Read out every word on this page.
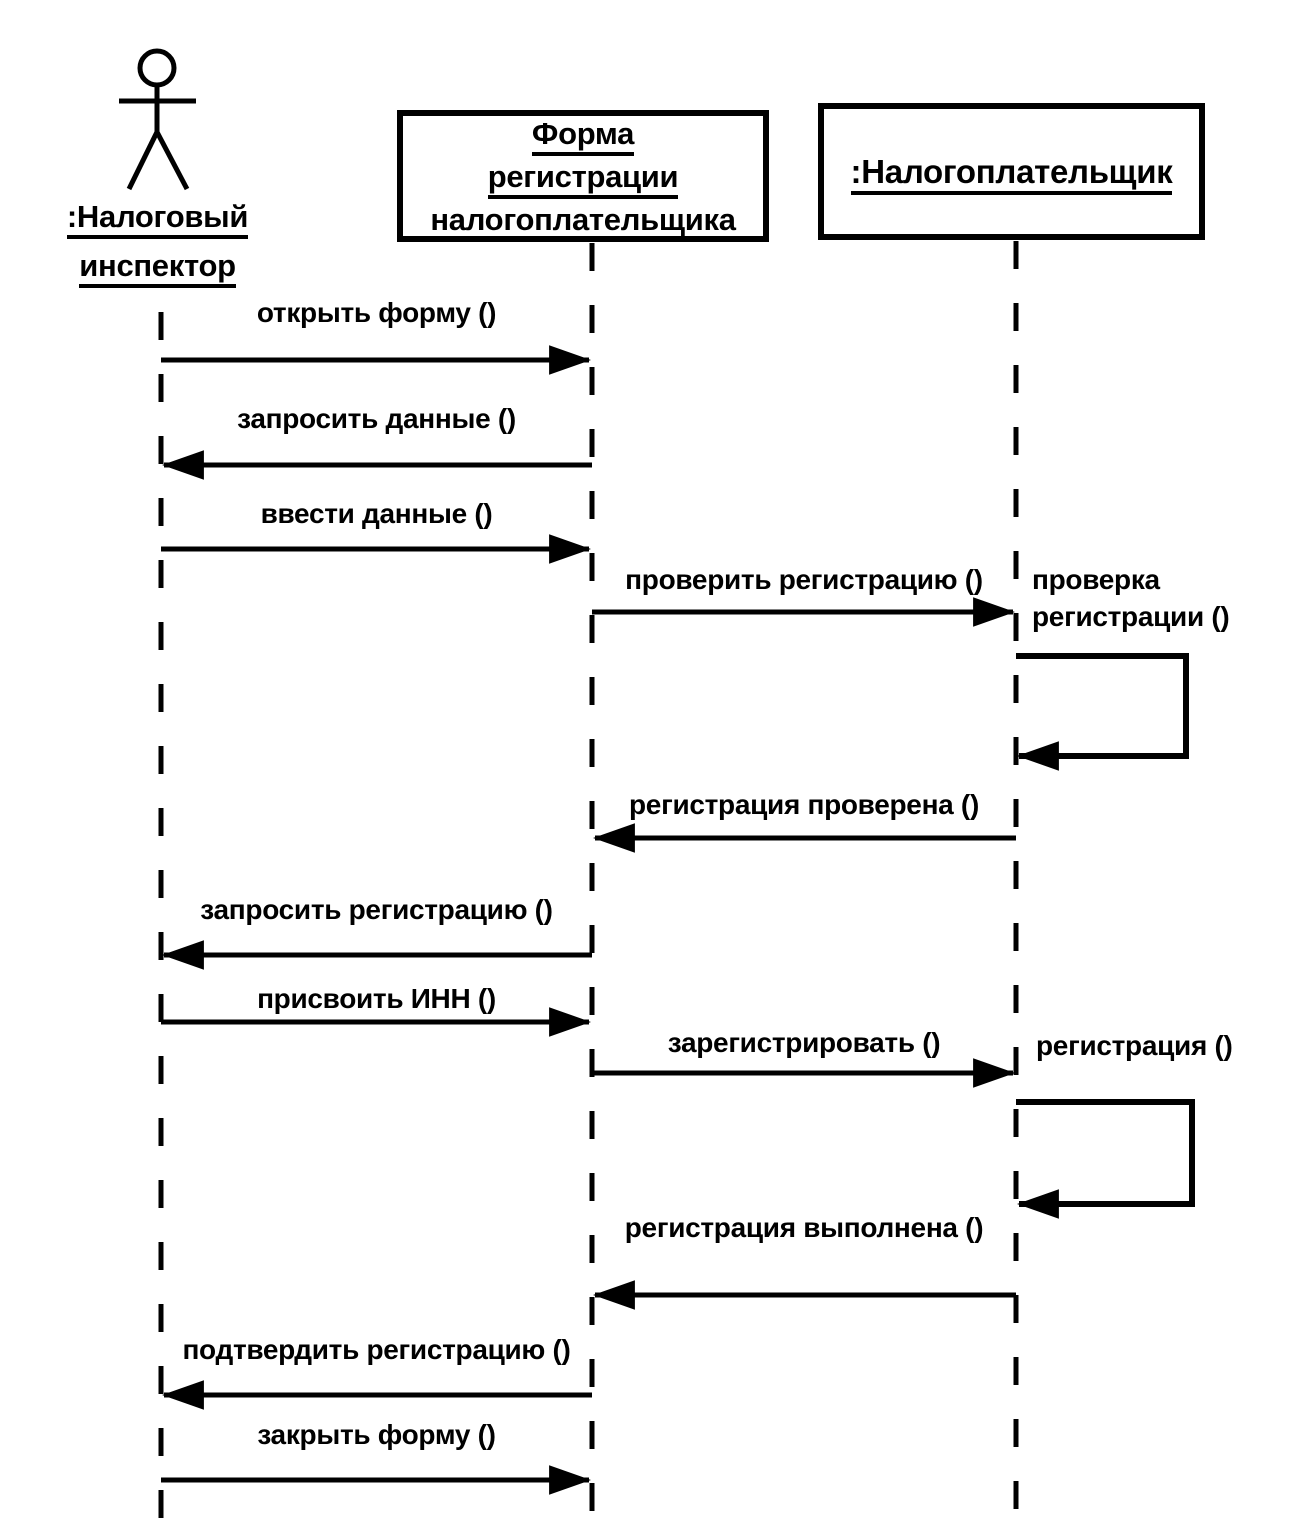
:Налоговый
инспектор
Форма
регистрации
налогоплательщика
:Налогоплательщик
открыть форму ()
запросить данные ()
ввести данные ()
проверить регистрацию ()
регистрация проверена ()
запросить регистрацию ()
присвоить ИНН ()
зарегистрировать ()
регистрация выполнена ()
подтвердить регистрацию ()
закрыть форму ()
проверка
регистрации ()
регистрация ()
